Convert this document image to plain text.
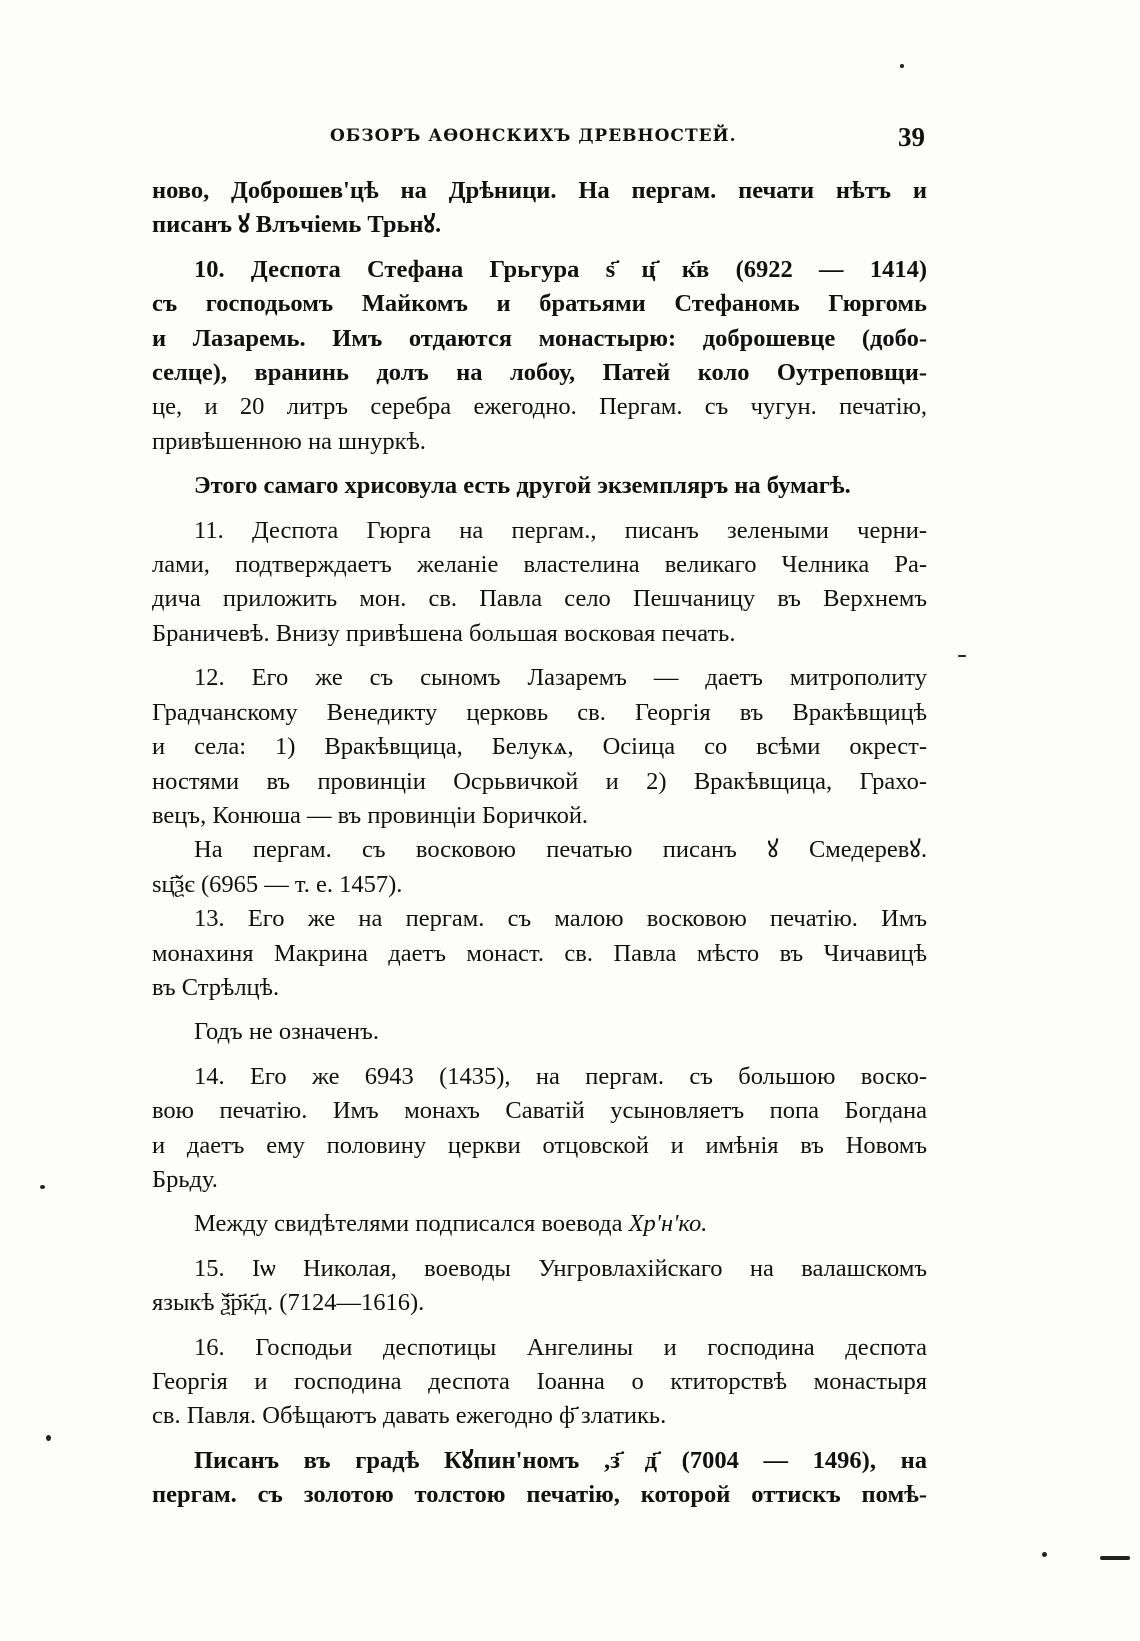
ОБЗОРЪ АѲОНСКИХЪ ДРЕВНОСТЕЙ.	39

ново, Доброшев'цѣ на Дрѣници. На пергам. печати нѣтъ и
писанъ ꙋ Влъчіемь Трьнꙋ.

10. Деспота Стефана Грьгура ѕ҃ ц҃ к҃в (6922 — 1414)
съ господьомъ Майкомъ и братьями Стефаномь Гюргомь
и Лазаремь. Имъ отдаются монастырю: доброшевце (добо-
селце), вранинь долъ на лобоу, Патей коло Оутреповщи-
це, и 20 литръ серебра ежегодно. Пергам. съ чугун. печатію,
привѣшенною на шнуркѣ.

Этого самаго хрисовула есть другой экземпляръ на бумагѣ.

11. Деспота Гюрга на пергам., писанъ зелеными черни-
лами, подтверждаетъ желаніе властелина великаго Челника Ра-
дича приложить мон. св. Павла село Пешчаницу въ Верхнемъ
Браничевѣ. Внизу привѣшена большая восковая печать.

12. Его же съ сыномъ Лазаремъ — даетъ митрополиту
Градчанскому Венедикту церковь св. Георгія въ Вракѣвщицѣ
и села: 1) Вракѣвщица, Белукѧ, Осіица со всѣми окрест-
ностями въ провинціи Осрьвичкой и 2) Вракѣвщица, Грахо-
вецъ, Конюша — въ провинціи Боричкой.

На пергам. съ восковою печатью писанъ ꙋ Смедеревꙋ.
ѕц҃ѯє (6965 — т. е. 1457).

13. Его же на пергам. съ малою восковою печатію. Имъ
монахиня Макрина даетъ монаст. св. Павла мѣсто въ Чичавицѣ
въ Стрѣлцѣ.

Годъ не означенъ.

14. Его же 6943 (1435), на пергам. съ большою воско-
вою печатію. Имъ монахъ Саватій усыновляетъ попа Богдана
и даетъ ему половину церкви отцовской и имѣнія въ Новомъ
Брьду.

Между свидѣтелями подписался воевода Хр'н'ко.

15. Іѡ Николая, воеводы Унгровлахійскаго на валашскомъ
языкѣ ѯ҃р҃к҃д. (7124—1616).

16. Господьи деспотицы Ангелины и господина деспота
Георгія и господина деспота Іоанна о ктиторствѣ монастыря
св. Павля. Обѣщаютъ давать ежегодно ф҃ златикь.

Писанъ въ градѣ Кꙋпин'номъ ,з҃ д҃ (7004 — 1496), на
пергам. съ золотою толстою печатію, которой оттискъ помѣ-
